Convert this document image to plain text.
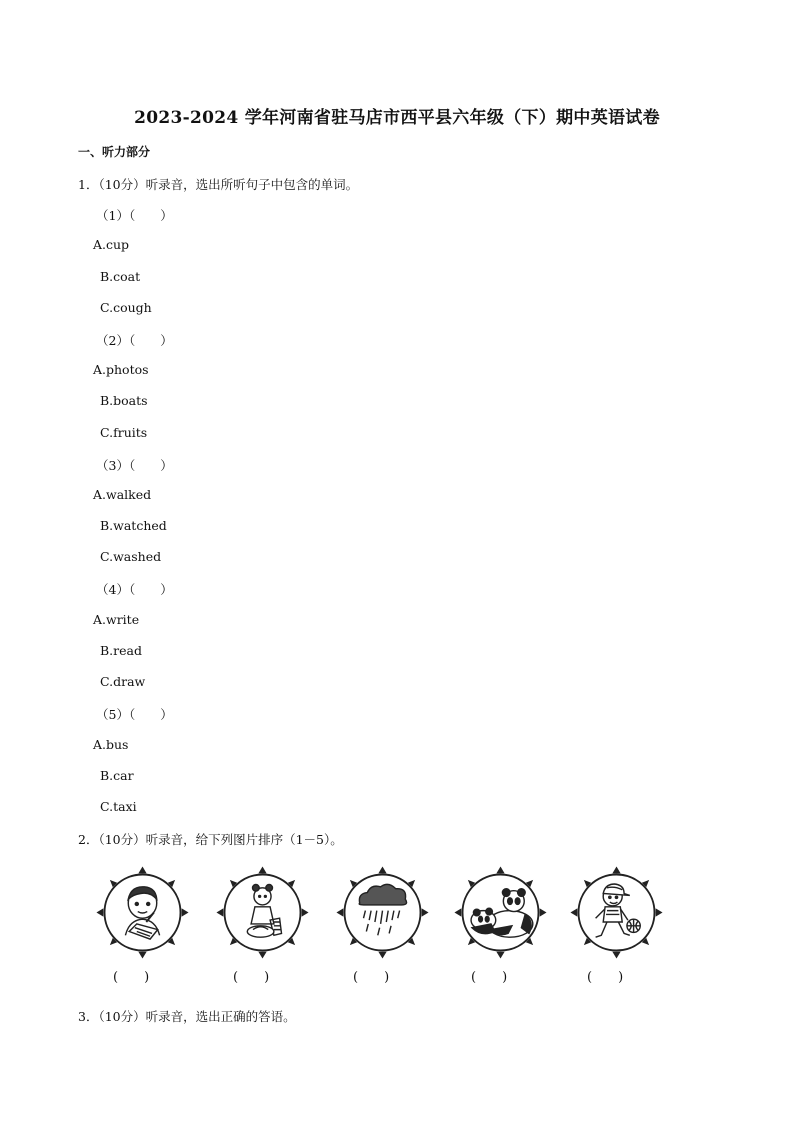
2023-2024 学年河南省驻马店市西平县六年级（下）期中英语试卷
一、听力部分
1．（10分）听录音，选出所听句子中包含的单词。
（1）（　　）
A.cup
B.coat
C.cough
（2）（　　）
A.photos
B.boats
C.fruits
（3）（　　）
A.walked
B.watched
C.washed
（4）（　　）
A.write
B.read
C.draw
（5）（　　）
A.bus
B.car
C.taxi
2．（10分）听录音，给下列图片排序（1－5）。
(　　)	(　　)	(　　)	(　　)	(　　)
3．（10分）听录音，选出正确的答语。
